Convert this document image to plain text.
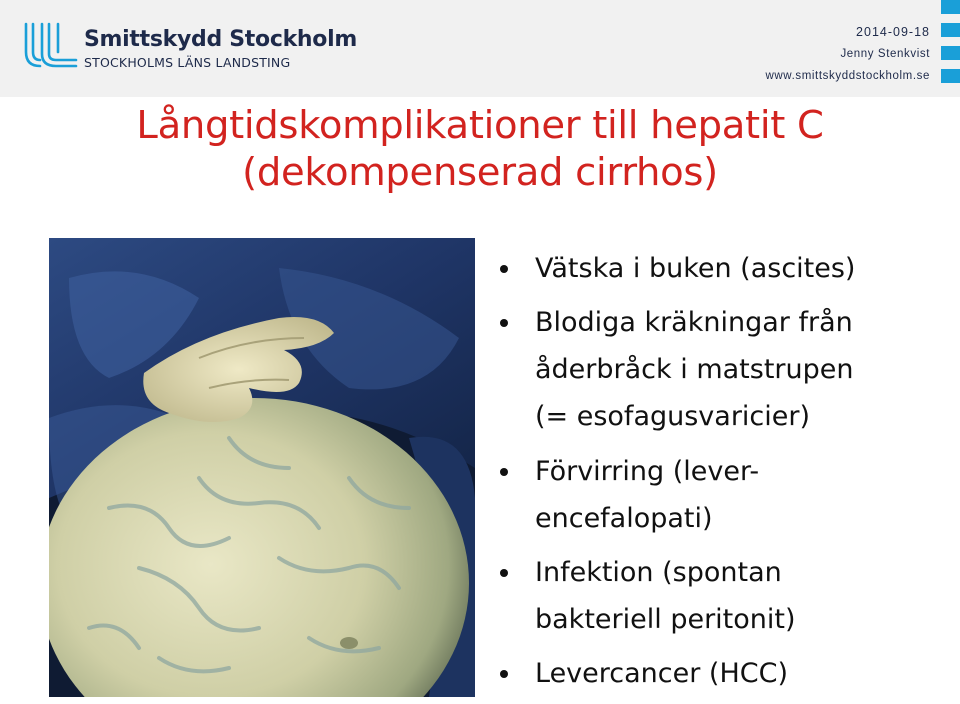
Smittskydd Stockholm
STOCKHOLMS LÄNS LANDSTING
2014-09-18
Jenny Stenkvist
www.smittskyddstockholm.se
Långtidskomplikationer till hepatit C
(dekompenserad cirrhos)
Vätska i buken (ascites)
Blodiga kräkningar från
åderbråck i matstrupen
(= esofagusvaricier)
Förvirring (lever-
encefalopati)
Infektion (spontan
bakteriell peritonit)
Levercancer (HCC)
